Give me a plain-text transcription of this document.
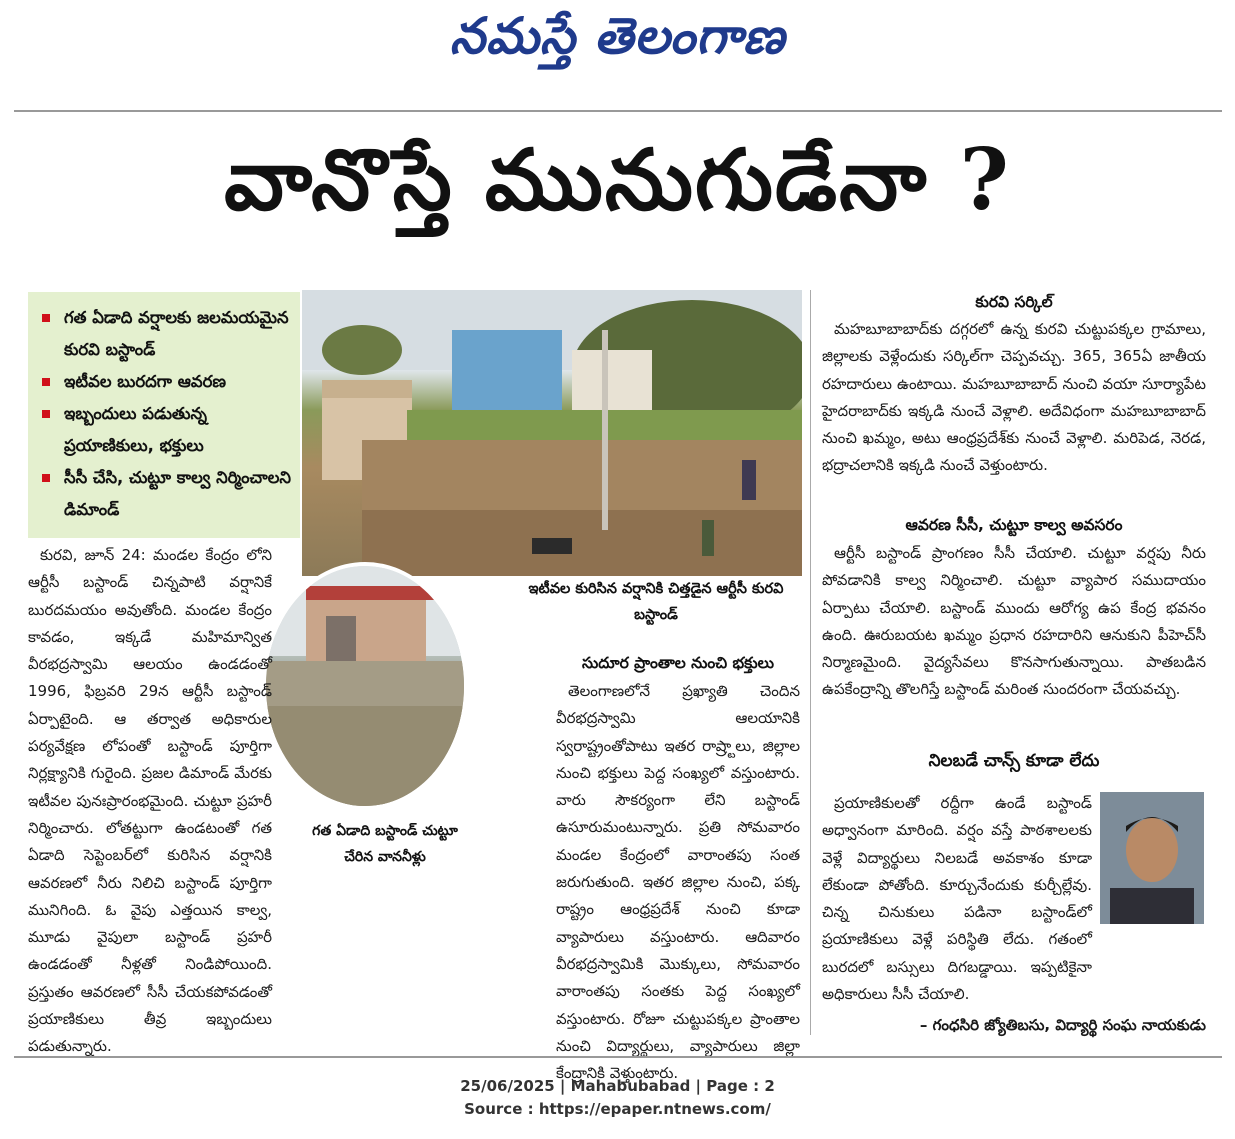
నమస్తే తెలంగాణ
వానొస్తే మునుగుడేనా ?
గత ఏడాది వర్షాలకు జలమయమైన కురవి బస్టాండ్
ఇటీవల బురదగా ఆవరణ
ఇబ్బందులు పడుతున్న ప్రయాణికులు, భక్తులు
సీసీ చేసి, చుట్టూ కాల్వ నిర్మించాలని డిమాండ్
ఇటీవల కురిసిన వర్షానికి చిత్తడైన ఆర్టీసీ కురవి బస్టాండ్
గత ఏడాది బస్టాండ్ చుట్టూ చేరిన వాననీళ్లు

కురవి, జూన్ 24: మండల కేంద్రం లోని ఆర్టీసీ బస్టాండ్ చిన్నపాటి వర్షానికే బురదమయం అవుతోంది. మండల కేంద్రం కావడం, ఇక్కడే మహిమాన్విత వీరభద్రస్వామి ఆలయం ఉండడంతో 1996, ఫిబ్రవరి 29న ఆర్టీసీ బస్టాండ్ ఏర్పాటైంది. ఆ తర్వాత అధికారుల పర్యవేక్షణ లోపంతో బస్టాండ్ పూర్తిగా నిర్లక్ష్యానికి గురైంది. ప్రజల డిమాండ్ మేరకు ఇటీవల పునఃప్రారంభమైంది. చుట్టూ ప్రహరీ నిర్మించారు. లోతట్టుగా ఉండటంతో గత ఏడాది సెప్టెంబర్‌లో కురిసిన వర్షానికి ఆవరణలో నీరు నిలిచి బస్టాండ్ పూర్తిగా మునిగింది. ఓ వైపు ఎత్తయిన కాల్వ, మూడు వైపులా బస్టాండ్ ప్రహరీ ఉండడంతో నీళ్లతో నిండిపోయింది. ప్రస్తుతం ఆవరణలో సీసీ చేయకపోవడంతో ప్రయాణికులు తీవ్ర ఇబ్బందులు పడుతున్నారు.

సుదూర ప్రాంతాల నుంచి భక్తులు

తెలంగాణలోనే ప్రఖ్యాతి చెందిన వీరభద్రస్వామి ఆలయానికి స్వరాష్ట్రంతోపాటు ఇతర రాష్ర్టాలు, జిల్లాల నుంచి భక్తులు పెద్ద సంఖ్యలో వస్తుంటారు. వారు సౌకర్యంగా లేని బస్టాండ్ ఉసూరుమంటున్నారు. ప్రతి సోమవారం మండల కేంద్రంలో వారాంతపు సంత జరుగుతుంది. ఇతర జిల్లాల నుంచి, పక్క రాష్ట్రం ఆంధ్రప్రదేశ్ నుంచి కూడా వ్యాపారులు వస్తుంటారు. ఆదివారం వీరభద్రస్వామికి మొక్కులు, సోమవారం వారాంతపు సంతకు పెద్ద సంఖ్యలో వస్తుంటారు. రోజూ చుట్టుపక్కల ప్రాంతాల నుంచి విద్యార్థులు, వ్యాపారులు జిల్లా కేంద్రానికి వెళ్తుంటారు.

కురవి సర్కిల్

మహబూబాబాద్‌కు దగ్గరలో ఉన్న కురవి చుట్టుపక్కల గ్రామాలు, జిల్లాలకు వెళ్లేందుకు సర్కిల్‌గా చెప్పవచ్చు. 365, 365ఏ జాతీయ రహదారులు ఉంటాయి. మహబూబాబాద్ నుంచి వయా సూర్యాపేట హైదరాబాద్‌కు ఇక్కడి నుంచే వెళ్లాలి. అదేవిధంగా మహబూబాబాద్ నుంచి ఖమ్మం, అటు ఆంధ్రప్రదేశ్‌కు నుంచే వెళ్లాలి. మరిపెడ, నెరడ, భద్రాచలానికి ఇక్కడి నుంచే వెళ్తుంటారు.

ఆవరణ సీసీ, చుట్టూ కాల్వ అవసరం

ఆర్టీసీ బస్టాండ్ ప్రాంగణం సీసీ చేయాలి. చుట్టూ వర్షపు నీరు పోవడానికి కాల్వ నిర్మించాలి. చుట్టూ వ్యాపార సముదాయం ఏర్పాటు చేయాలి. బస్టాండ్ ముందు ఆరోగ్య ఉప కేంద్ర భవనం ఉంది. ఊరుబయట ఖమ్మం ప్రధాన రహదారిని ఆనుకుని పీహెచ్‌సీ నిర్మాణమైంది. వైద్యసేవలు కొనసాగుతున్నాయి. పాతబడిన ఉపకేంద్రాన్ని తొలగిస్తే బస్టాండ్ మరింత సుందరంగా చేయవచ్చు.

నిలబడే చాన్స్ కూడా లేదు

ప్రయాణికులతో రద్దీగా ఉండే బస్టాండ్ అధ్వానంగా మారింది. వర్షం వస్తే పాఠశాలలకు వెళ్లే విద్యార్థులు నిలబడే అవకాశం కూడా లేకుండా పోతోంది. కూర్చునేందుకు కుర్చీల్లేవు. చిన్న చినుకులు పడినా బస్టాండ్‌లో ప్రయాణికులు వెళ్లే పరిస్థితి లేదు. గతంలో బురదలో బస్సులు దిగబడ్డాయి. ఇప్పటికైనా అధికారులు సీసీ చేయాలి.

– గంధసిరి జ్యోతిబసు, విద్యార్థి సంఘ నాయకుడు
25/06/2025 | Mahabubabad | Page : 2
Source : https://epaper.ntnews.com/
